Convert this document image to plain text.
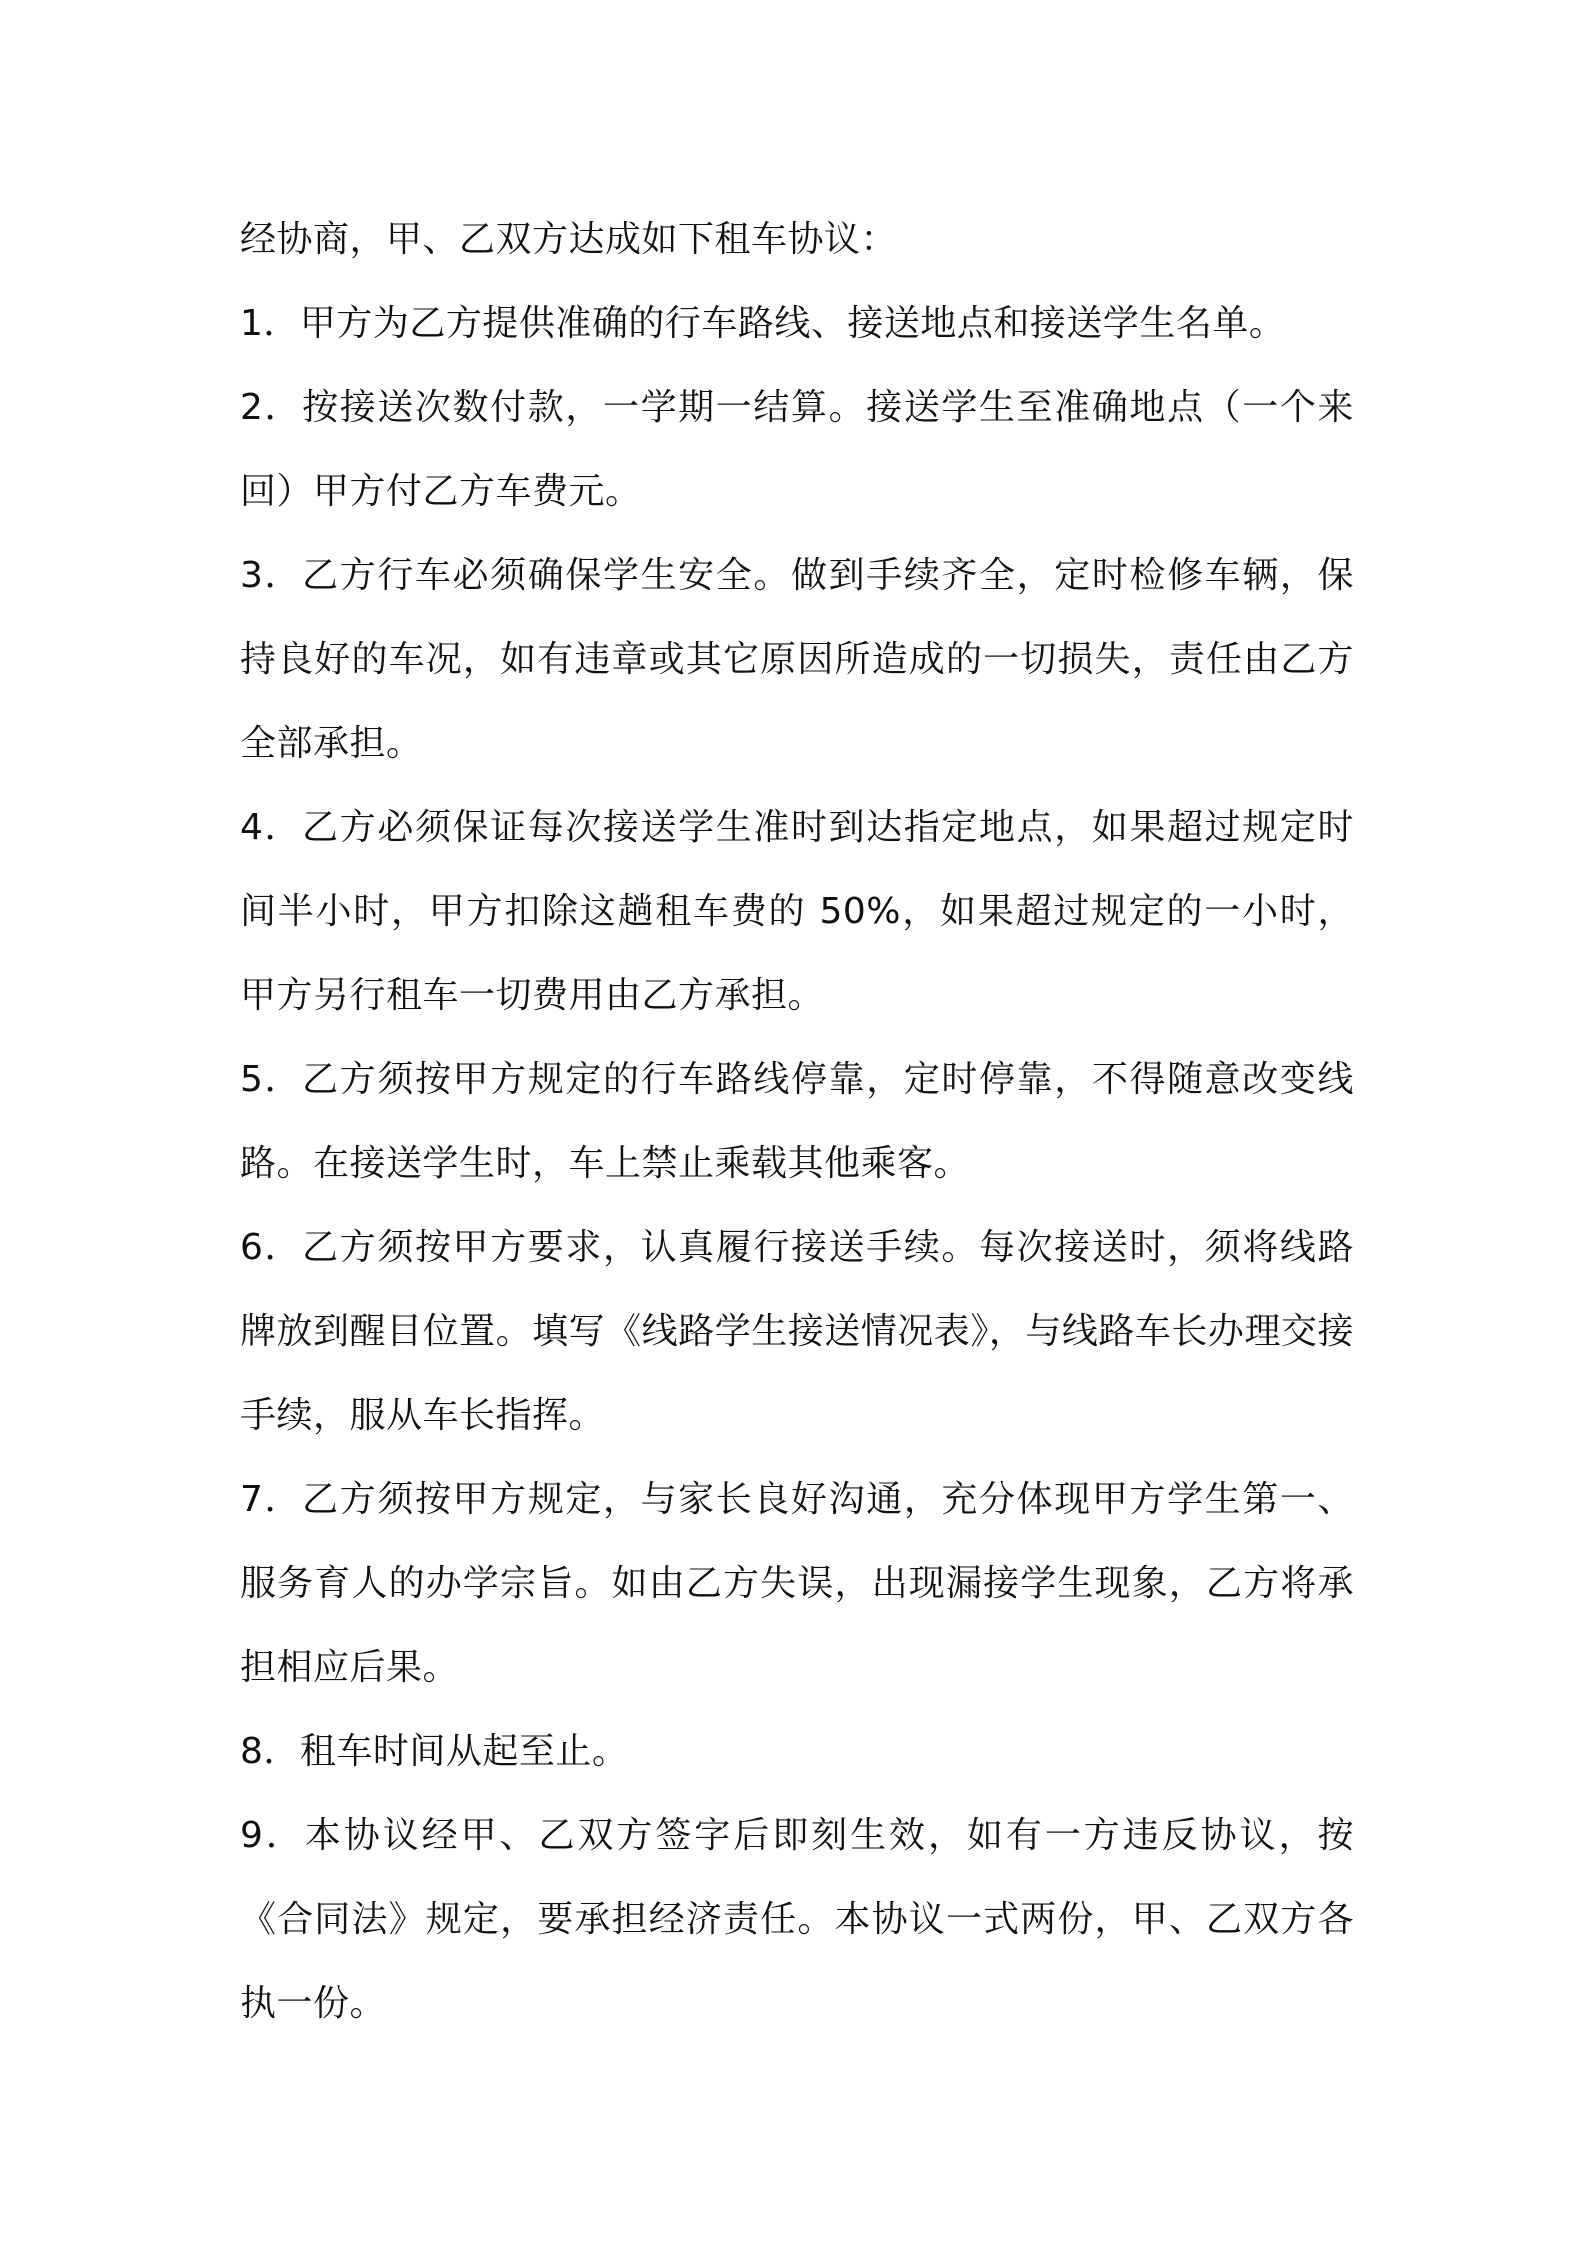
经协商，甲、乙双方达成如下租车协议：

1．甲方为乙方提供准确的行车路线、接送地点和接送学生名单。

2．按接送次数付款，一学期一结算。接送学生至准确地点（一个来回）甲方付乙方车费元。

3．乙方行车必须确保学生安全。做到手续齐全，定时检修车辆，保持良好的车况，如有违章或其它原因所造成的一切损失，责任由乙方全部承担。

4．乙方必须保证每次接送学生准时到达指定地点，如果超过规定时间半小时，甲方扣除这趟租车费的 50%，如果超过规定的一小时，甲方另行租车一切费用由乙方承担。

5．乙方须按甲方规定的行车路线停靠，定时停靠，不得随意改变线路。在接送学生时，车上禁止乘载其他乘客。

6．乙方须按甲方要求，认真履行接送手续。每次接送时，须将线路牌放到醒目位置。填写《线路学生接送情况表》，与线路车长办理交接手续，服从车长指挥。

7．乙方须按甲方规定，与家长良好沟通，充分体现甲方学生第一、服务育人的办学宗旨。如由乙方失误，出现漏接学生现象，乙方将承担相应后果。

8．租车时间从起至止。

9．本协议经甲、乙双方签字后即刻生效，如有一方违反协议，按《合同法》规定，要承担经济责任。本协议一式两份，甲、乙双方各执一份。
